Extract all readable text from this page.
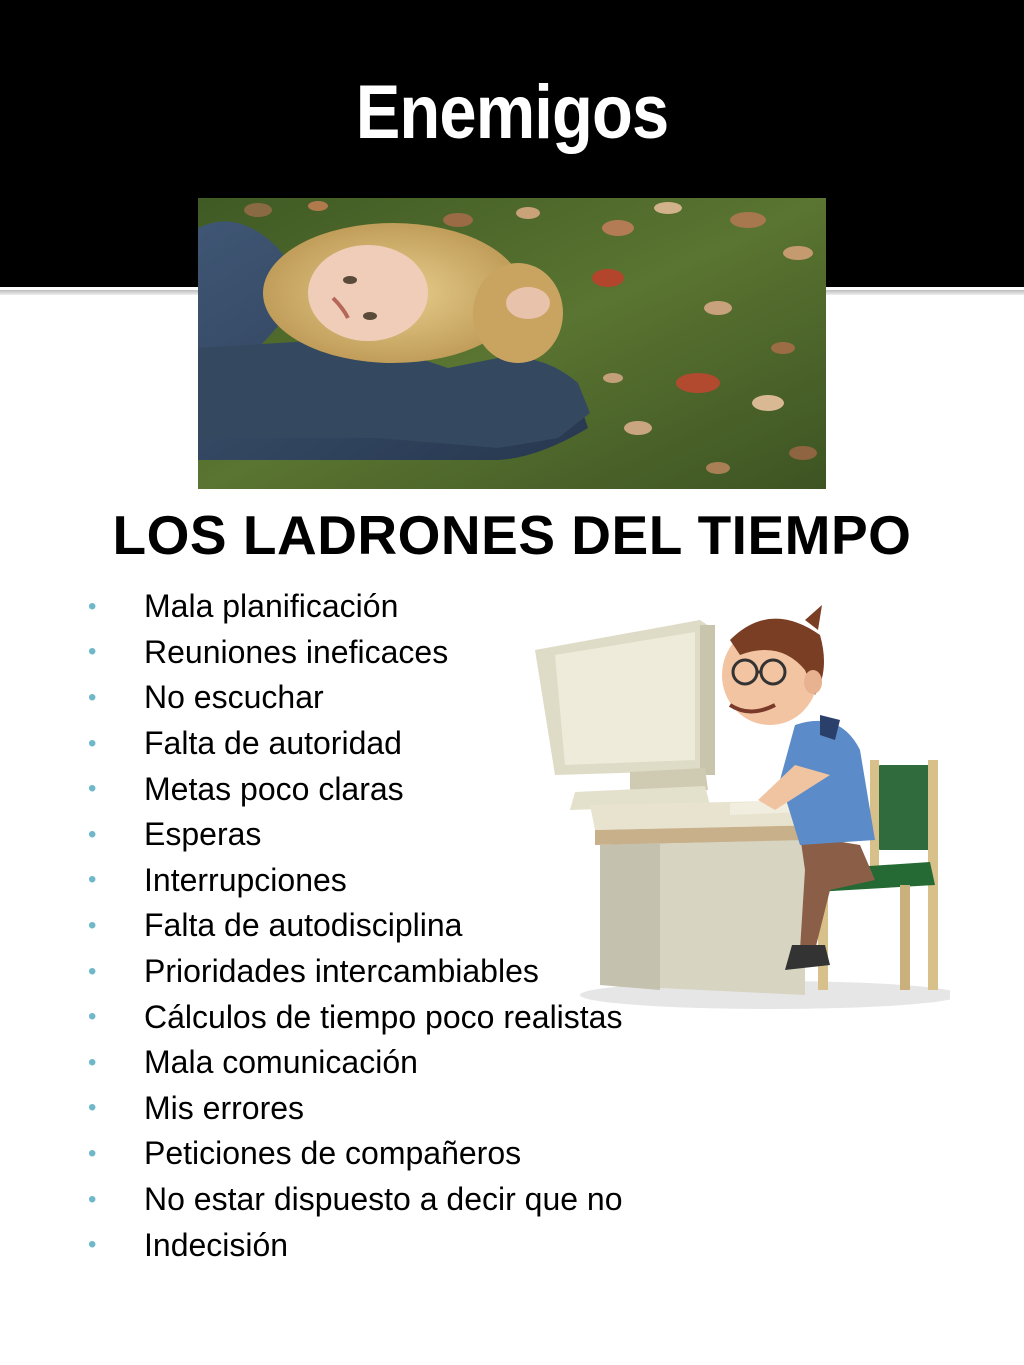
Enemigos
LOS LADRONES DEL TIEMPO
•	Mala planificación
•	Reuniones ineficaces
•	No escuchar
•	Falta de autoridad
•	Metas poco claras
•	Esperas
•	Interrupciones
•	Falta de autodisciplina
•	Prioridades intercambiables
•	Cálculos de tiempo poco realistas
•	Mala comunicación
•	Mis errores
•	Peticiones de compañeros
•	No estar dispuesto a decir que no
•	Indecisión
